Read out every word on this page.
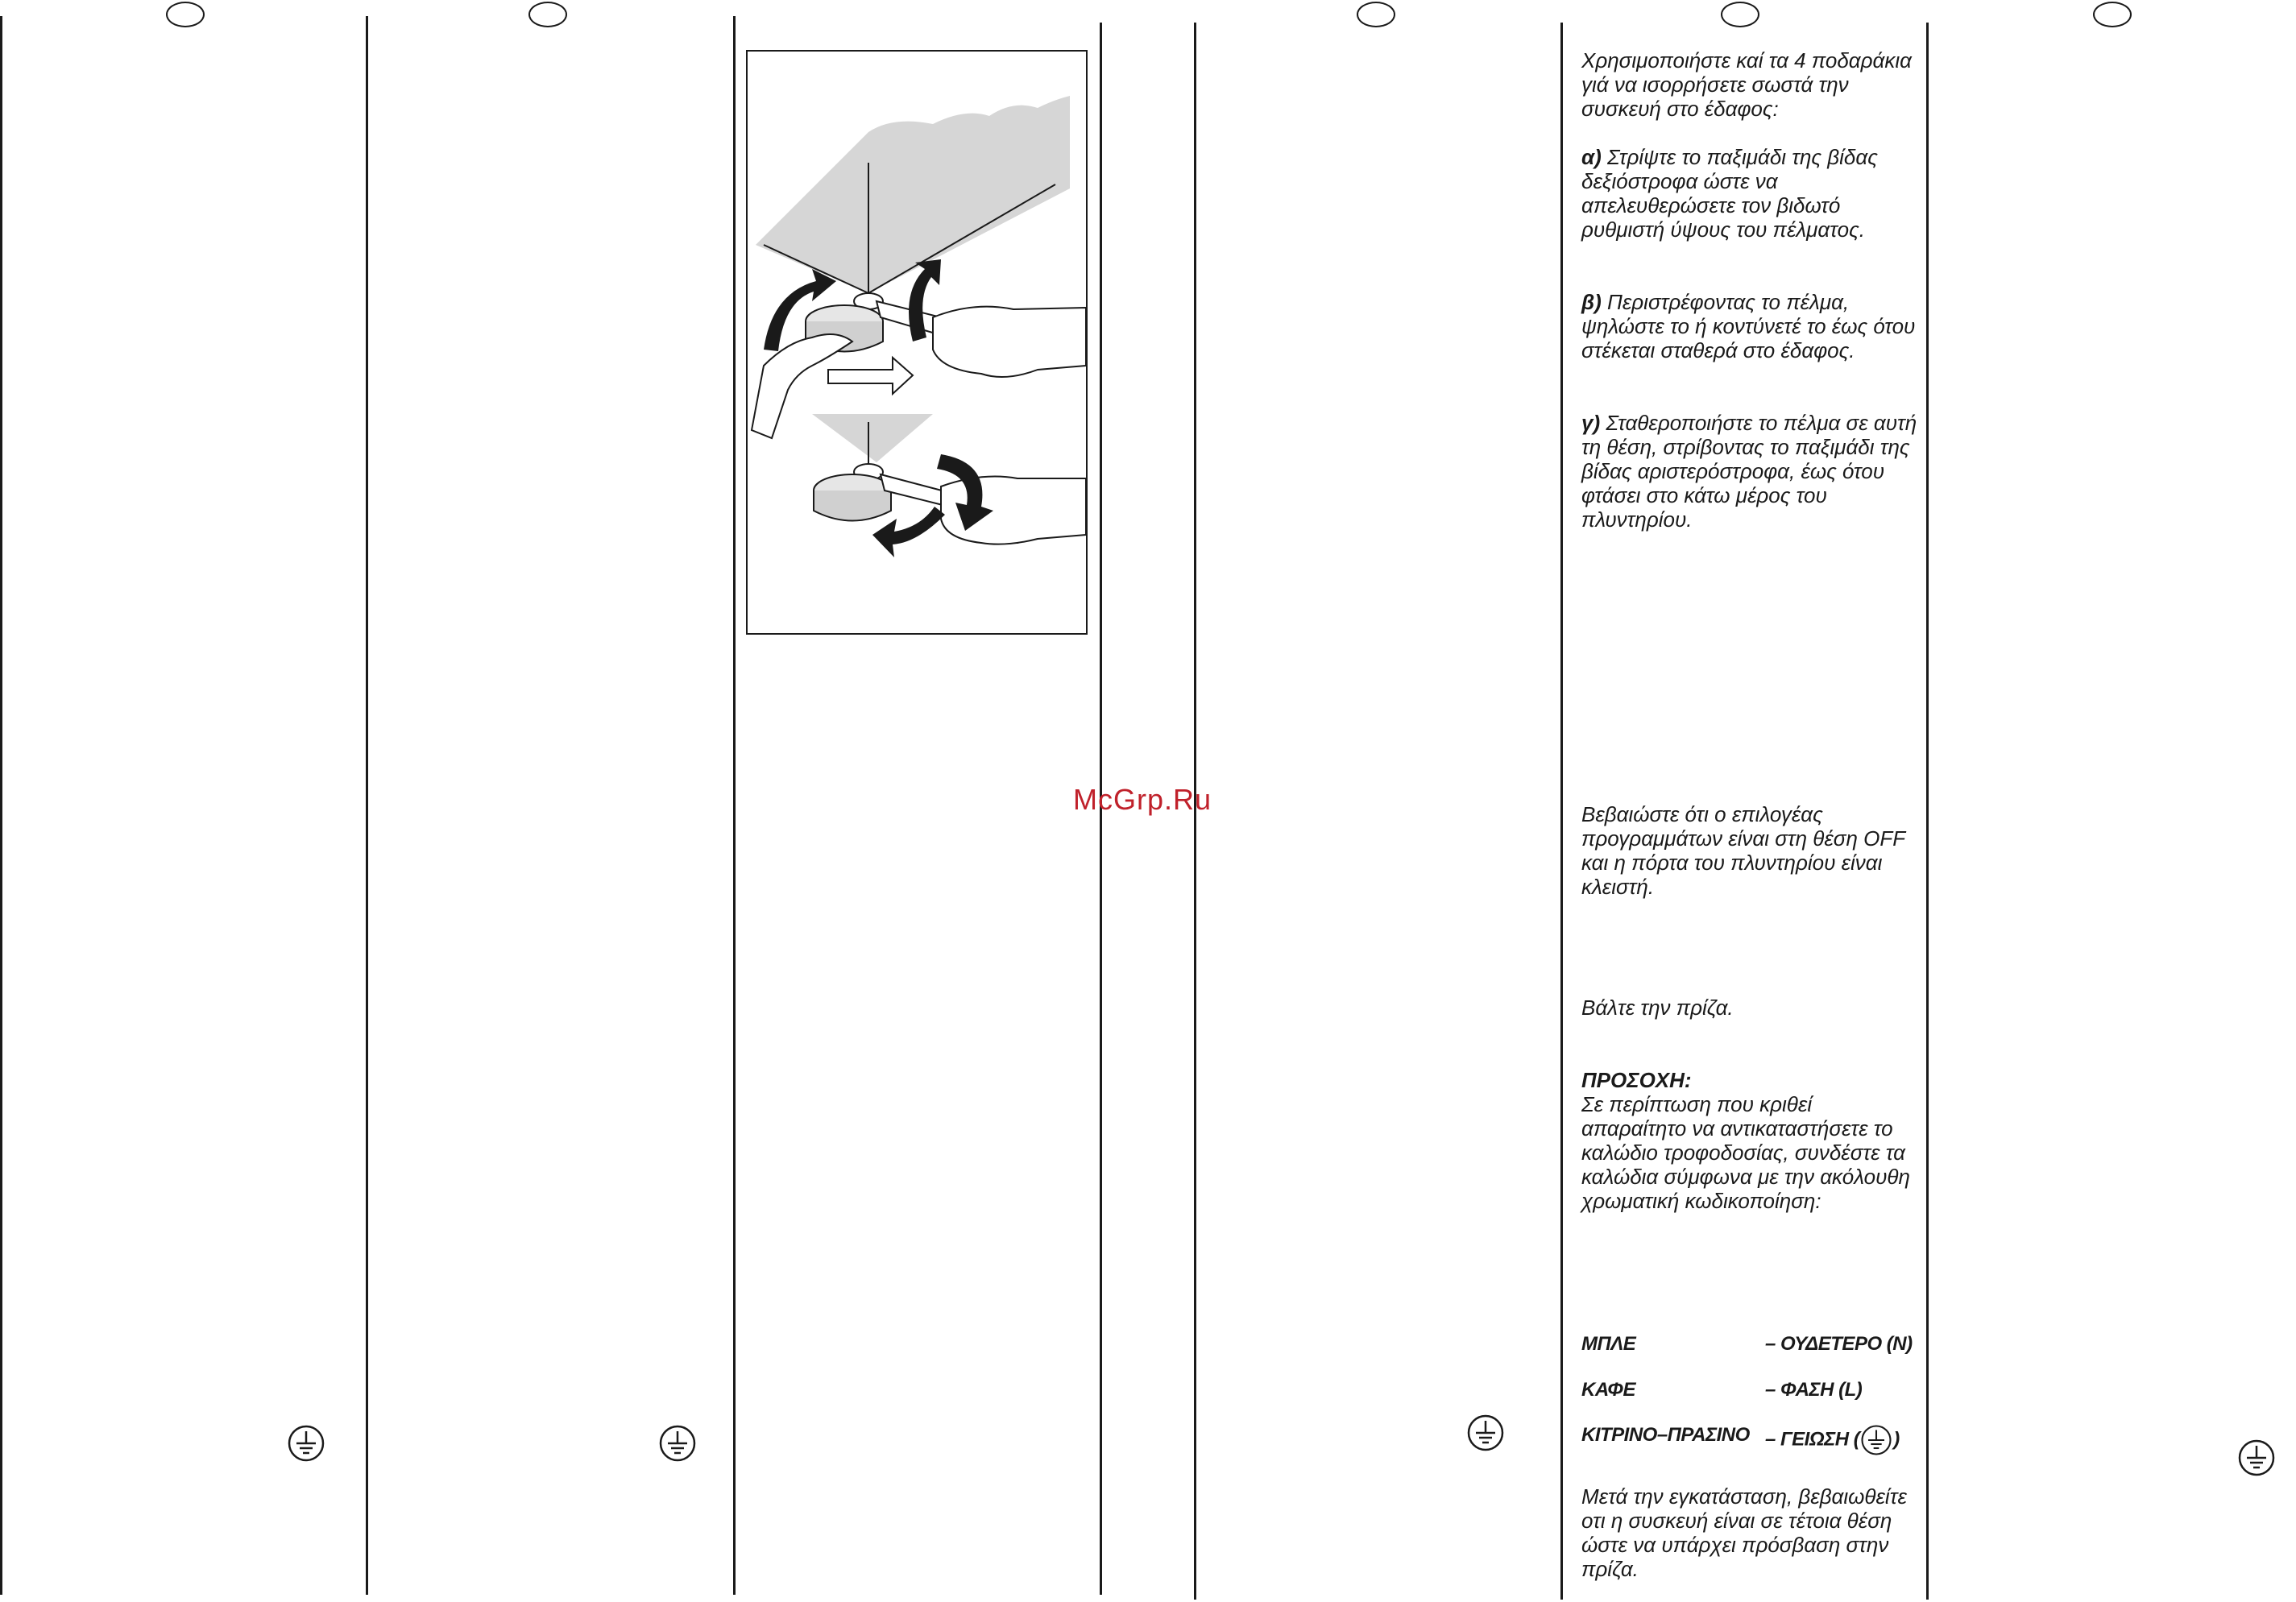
McGrp.Ru

Χρησιμοποιήστε καί τα 4 ποδαράκια γιά να ισορρήσετε σωστά την συσκευή στο έδαφος:

α) Στρίψτε το παξιμάδι της βίδας δεξιόστροφα ώστε να απελευθερώσετε τον βιδωτό ρυθμιστή ύψους του πέλματος.

β) Περιστρέφοντας το πέλμα, ψηλώστε το ή κοντύνετέ το έως ότου στέκεται σταθερά στο έδαφος.

γ) Σταθεροποιήστε το πέλμα σε αυτή τη θέση, στρίβοντας το παξιμάδι της βίδας αριστερόστροφα, έως ότου φτάσει στο κάτω μέρος του πλυντηρίου.

Βεβαιώστε ότι ο επιλογέας προγραμμάτων είναι στη θέση OFF και η πόρτα του πλυντηρίου είναι κλειστή.

Βάλτε την πρίζα.

ΠΡΟΣΟΧΗ:

Σε περίπτωση που κριθεί απαραίτητο να αντικαταστήσετε το καλώδιο τροφοδοσίας, συνδέστε τα καλώδια σύμφωνα με την ακόλουθη χρωματική κωδικοποίηση:

ΜΠΛΕ	– ΟΥΔΕΤΕΡΟ (N)
ΚΑΦΕ	– ΦΑΣΗ (L)
ΚΙΤΡΙΝΟ–ΠΡΑΣΙΝΟ – ΓΕΙΩΣΗ ( )

Μετά την εγκατάσταση, βεβαιωθείτε οτι η συσκευή είναι σε τέτοια θέση ώστε να υπάρχει πρόσβαση στην πρίζα.
